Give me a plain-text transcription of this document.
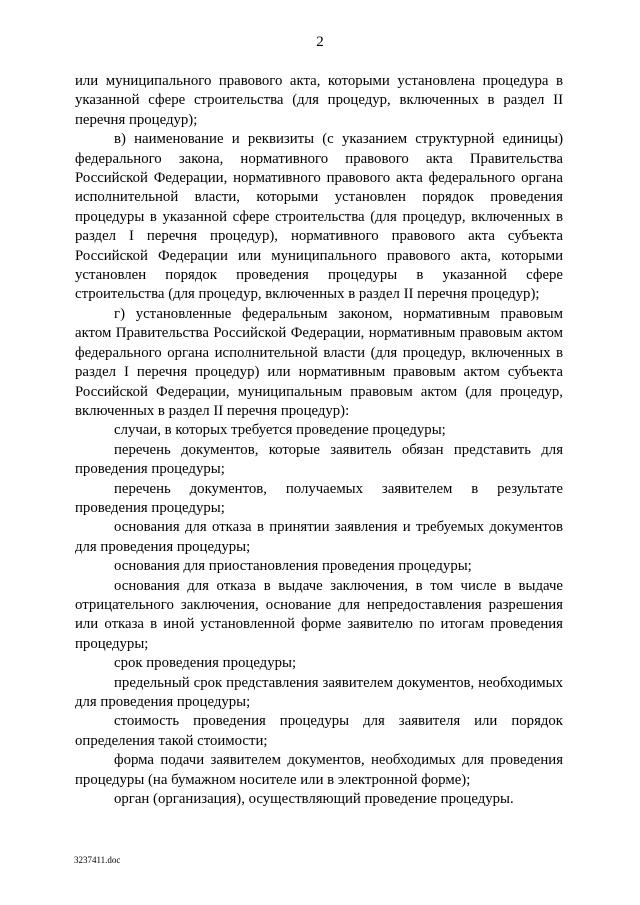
2

или муниципального правового акта, которыми установлена процедура в указанной сфере строительства (для процедур, включенных в раздел II перечня процедур);

в) наименование и реквизиты (с указанием структурной единицы) федерального закона, нормативного правового акта Правительства Российской Федерации, нормативного правового акта федерального органа исполнительной власти, которыми установлен порядок проведения процедуры в указанной сфере строительства (для процедур, включенных в раздел I перечня процедур), нормативного правового акта субъекта Российской Федерации или муниципального правового акта, которыми установлен порядок проведения процедуры в указанной сфере строительства (для процедур, включенных в раздел II перечня процедур);

г) установленные федеральным законом, нормативным правовым актом Правительства Российской Федерации, нормативным правовым актом федерального органа исполнительной власти (для процедур, включенных в раздел I перечня процедур) или нормативным правовым актом субъекта Российской Федерации, муниципальным правовым актом (для процедур, включенных в раздел II перечня процедур):

случаи, в которых требуется проведение процедуры;

перечень документов, которые заявитель обязан представить для проведения процедуры;

перечень документов, получаемых заявителем в результате проведения процедуры;

основания для отказа в принятии заявления и требуемых документов для проведения процедуры;

основания для приостановления проведения процедуры;

основания для отказа в выдаче заключения, в том числе в выдаче отрицательного заключения, основание для непредоставления разрешения или отказа в иной установленной форме заявителю по итогам проведения процедуры;

срок проведения процедуры;

предельный срок представления заявителем документов, необходимых для проведения процедуры;

стоимость проведения процедуры для заявителя или порядок определения такой стоимости;

форма подачи заявителем документов, необходимых для проведения процедуры (на бумажном носителе или в электронной форме);

орган (организация), осуществляющий проведение процедуры.

3237411.doc
